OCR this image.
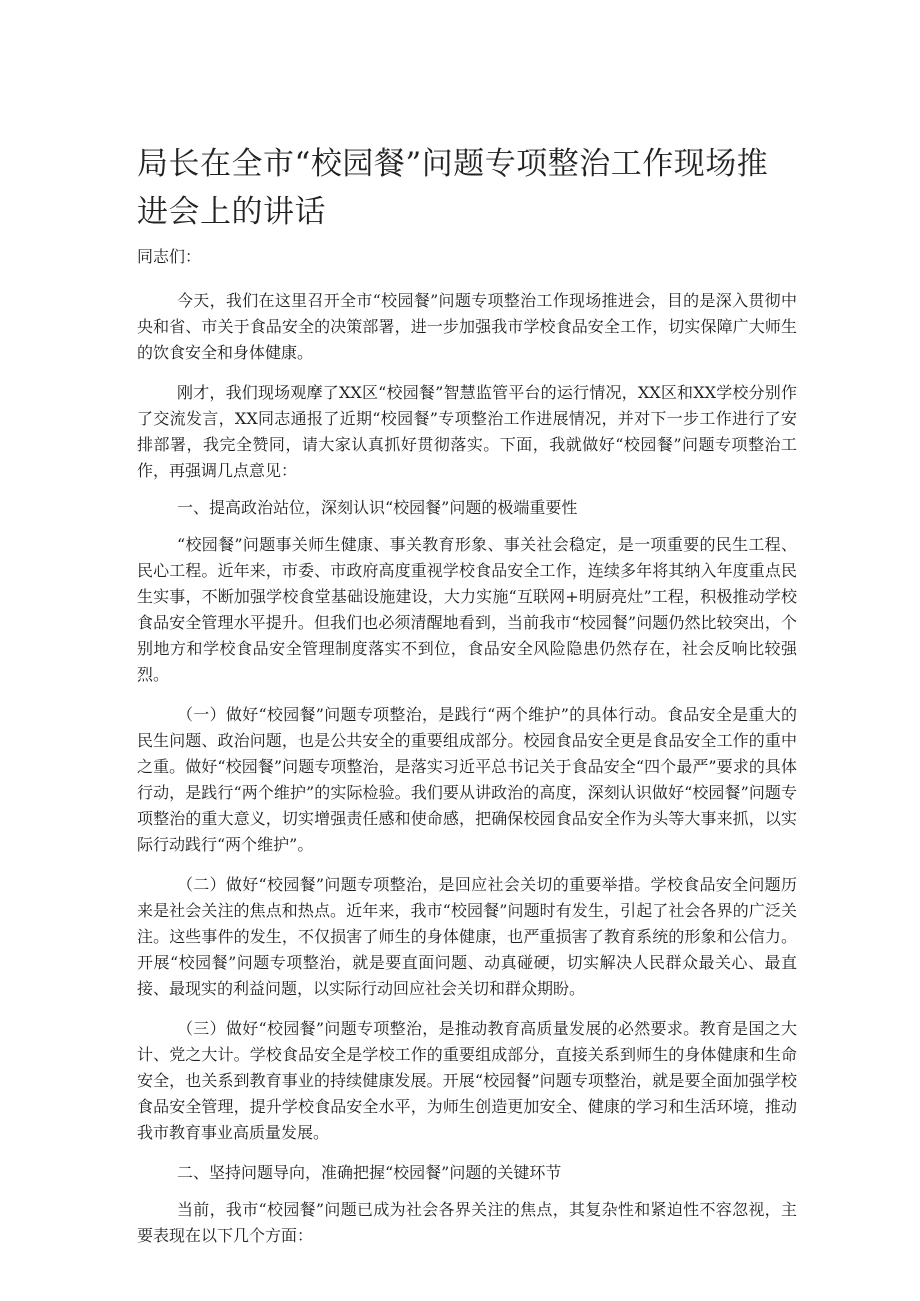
局长在全市“校园餐”问题专项整治工作现场推进会上的讲话

同志们：

今天，我们在这里召开全市“校园餐”问题专项整治工作现场推进会，目的是深入贯彻中央和省、市关于食品安全的决策部署，进一步加强我市学校食品安全工作，切实保障广大师生的饮食安全和身体健康。

刚才，我们现场观摩了XX区“校园餐”智慧监管平台的运行情况，XX区和XX学校分别作了交流发言，XX同志通报了近期“校园餐”专项整治工作进展情况，并对下一步工作进行了安排部署，我完全赞同，请大家认真抓好贯彻落实。下面，我就做好“校园餐”问题专项整治工作，再强调几点意见：

一、提高政治站位，深刻认识“校园餐”问题的极端重要性

“校园餐”问题事关师生健康、事关教育形象、事关社会稳定，是一项重要的民生工程、民心工程。近年来，市委、市政府高度重视学校食品安全工作，连续多年将其纳入年度重点民生实事，不断加强学校食堂基础设施建设，大力实施“互联网+明厨亮灶”工程，积极推动学校食品安全管理水平提升。但我们也必须清醒地看到，当前我市“校园餐”问题仍然比较突出，个别地方和学校食品安全管理制度落实不到位，食品安全风险隐患仍然存在，社会反响比较强烈。

（一）做好“校园餐”问题专项整治，是践行“两个维护”的具体行动。食品安全是重大的民生问题、政治问题，也是公共安全的重要组成部分。校园食品安全更是食品安全工作的重中之重。做好“校园餐”问题专项整治，是落实习近平总书记关于食品安全“四个最严”要求的具体行动，是践行“两个维护”的实际检验。我们要从讲政治的高度，深刻认识做好“校园餐”问题专项整治的重大意义，切实增强责任感和使命感，把确保校园食品安全作为头等大事来抓，以实际行动践行“两个维护”。

（二）做好“校园餐”问题专项整治，是回应社会关切的重要举措。学校食品安全问题历来是社会关注的焦点和热点。近年来，我市“校园餐”问题时有发生，引起了社会各界的广泛关注。这些事件的发生，不仅损害了师生的身体健康，也严重损害了教育系统的形象和公信力。开展“校园餐”问题专项整治，就是要直面问题、动真碰硬，切实解决人民群众最关心、最直接、最现实的利益问题，以实际行动回应社会关切和群众期盼。

（三）做好“校园餐”问题专项整治，是推动教育高质量发展的必然要求。教育是国之大计、党之大计。学校食品安全是学校工作的重要组成部分，直接关系到师生的身体健康和生命安全，也关系到教育事业的持续健康发展。开展“校园餐”问题专项整治，就是要全面加强学校食品安全管理，提升学校食品安全水平，为师生创造更加安全、健康的学习和生活环境，推动我市教育事业高质量发展。

二、坚持问题导向，准确把握“校园餐”问题的关键环节

当前，我市“校园餐”问题已成为社会各界关注的焦点，其复杂性和紧迫性不容忽视，主要表现在以下几个方面：
